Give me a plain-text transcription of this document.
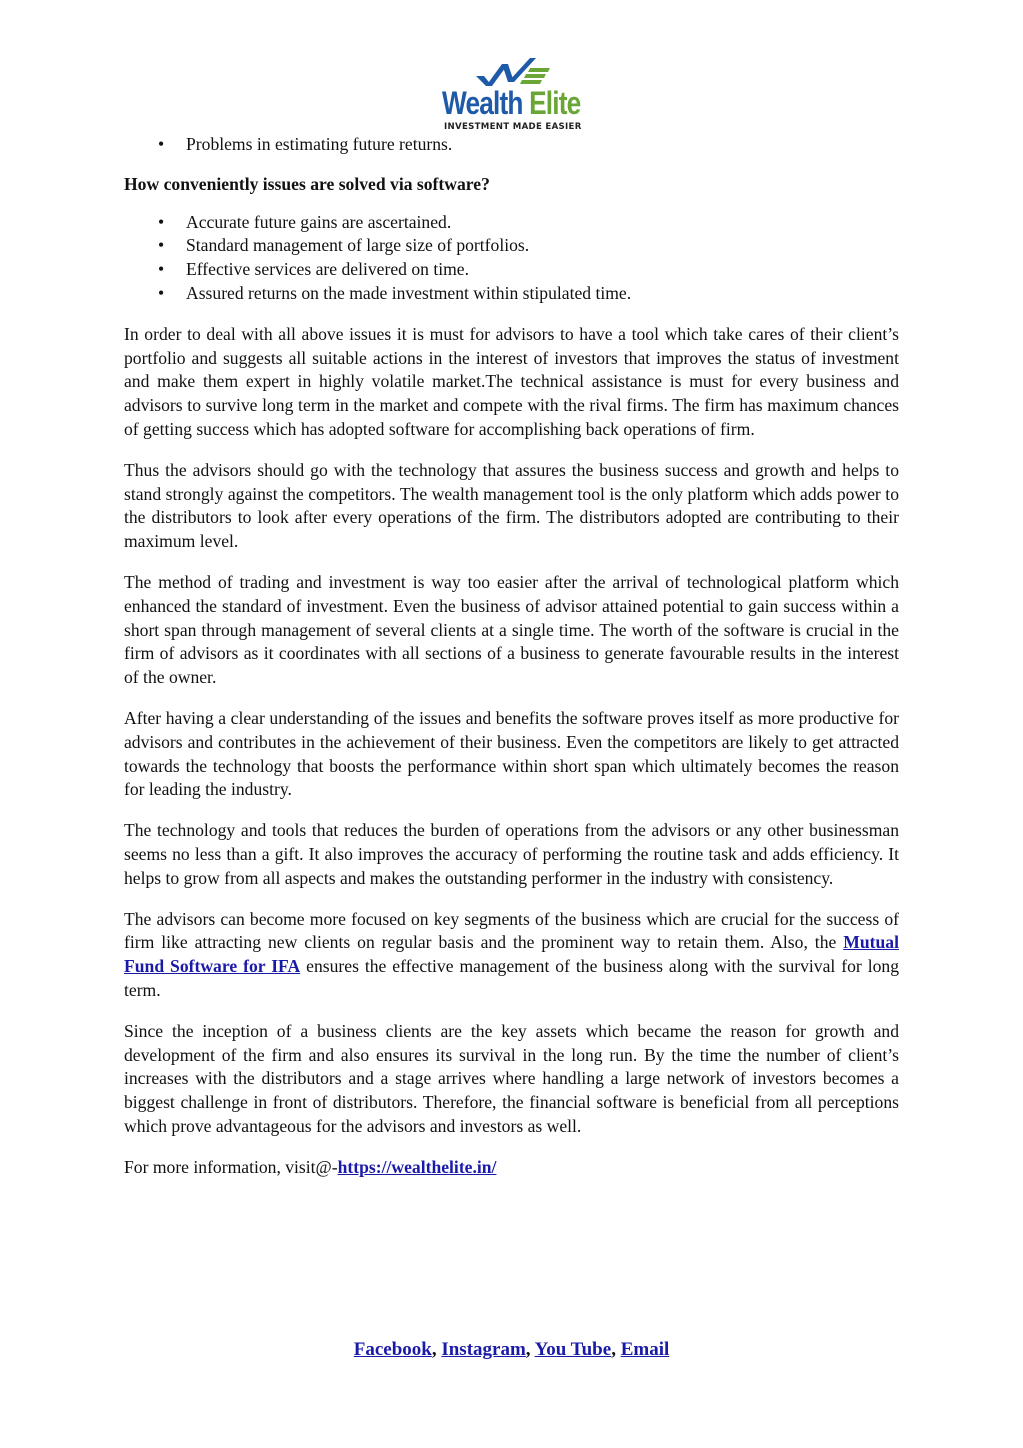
Wealth Elite
INVESTMENT MADE EASIER
• Problems in estimating future returns.
How conveniently issues are solved via software?
• Accurate future gains are ascertained.
• Standard management of large size of portfolios.
• Effective services are delivered on time.
• Assured returns on the made investment within stipulated time.

In order to deal with all above issues it is must for advisors to have a tool which take cares of their client’s portfolio and suggests all suitable actions in the interest of investors that improves the status of investment and make them expert in highly volatile market.The technical assistance is must for every business and advisors to survive long term in the market and compete with the rival firms. The firm has maximum chances of getting success which has adopted software for accomplishing back operations of firm.

Thus the advisors should go with the technology that assures the business success and growth and helps to stand strongly against the competitors. The wealth management tool is the only platform which adds power to the distributors to look after every operations of the firm. The distributors adopted are contributing to their maximum level.

The method of trading and investment is way too easier after the arrival of technological platform which enhanced the standard of investment. Even the business of advisor attained potential to gain success within a short span through management of several clients at a single time. The worth of the software is crucial in the firm of advisors as it coordinates with all sections of a business to generate favourable results in the interest of the owner.

After having a clear understanding of the issues and benefits the software proves itself as more productive for advisors and contributes in the achievement of their business. Even the competitors are likely to get attracted towards the technology that boosts the performance within short span which ultimately becomes the reason for leading the industry.

The technology and tools that reduces the burden of operations from the advisors or any other businessman seems no less than a gift. It also improves the accuracy of performing the routine task and adds efficiency. It helps to grow from all aspects and makes the outstanding performer in the industry with consistency.

The advisors can become more focused on key segments of the business which are crucial for the success of firm like attracting new clients on regular basis and the prominent way to retain them. Also, the Mutual Fund Software for IFA ensures the effective management of the business along with the survival for long term.

Since the inception of a business clients are the key assets which became the reason for growth and development of the firm and also ensures its survival in the long run. By the time the number of client’s increases with the distributors and a stage arrives where handling a large network of investors becomes a biggest challenge in front of distributors. Therefore, the financial software is beneficial from all perceptions which prove advantageous for the advisors and investors as well.

For more information, visit@-https://wealthelite.in/

Facebook, Instagram, You Tube, Email
